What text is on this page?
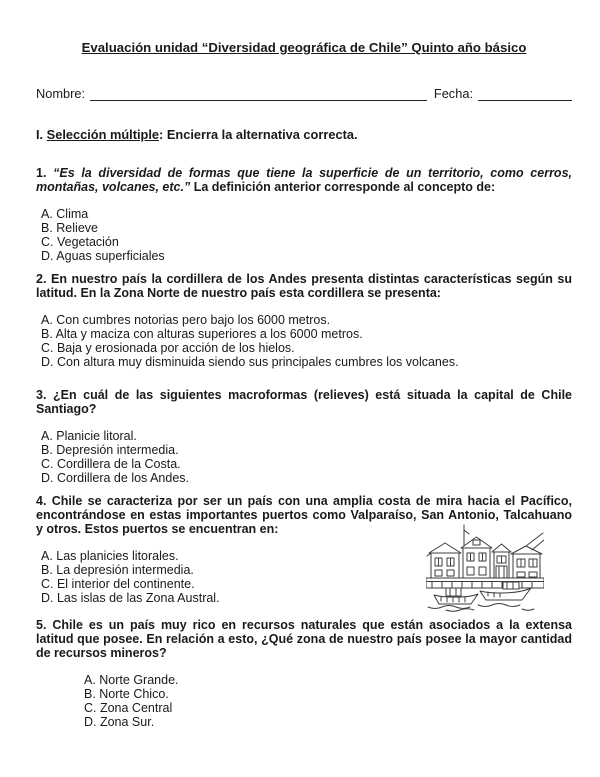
Evaluación unidad “Diversidad geográfica de Chile” Quinto año básico
Nombre:	Fecha:

I. Selección múltiple: Encierra la alternativa correcta.

1. “Es la diversidad de formas que tiene la superficie de un territorio, como cerros, montañas, volcanes, etc.” La definición anterior corresponde al concepto de:

A. Clima
B. Relieve
C. Vegetación
D. Aguas superficiales

2. En nuestro país la cordillera de los Andes presenta distintas características según su latitud. En la Zona Norte de nuestro país esta cordillera se presenta:

A. Con cumbres notorias pero bajo los 6000 metros.
B. Alta y maciza con alturas superiores a los 6000 metros.
C. Baja y erosionada por acción de los hielos.
D. Con altura muy disminuida siendo sus principales cumbres los volcanes.

3. ¿En cuál de las siguientes macroformas (relieves) está situada la capital de Chile Santiago?

A. Planicie litoral.
B. Depresión intermedia.
C. Cordillera de la Costa.
D. Cordillera de los Andes.

4. Chile se caracteriza por ser un país con una amplia costa de mira hacia el Pacífico, encontrándose en estas importantes puertos como Valparaíso, San Antonio, Talcahuano y otros. Estos puertos se encuentran en:

A. Las planicies litorales.
B. La depresión intermedia.
C. El interior del continente.
D. Las islas de las Zona Austral.

5. Chile es un país muy rico en recursos naturales que están asociados a la extensa latitud que posee. En relación a esto, ¿Qué zona de nuestro país posee la mayor cantidad de recursos mineros?

A. Norte Grande.
B. Norte Chico.
C. Zona Central
D. Zona Sur.
